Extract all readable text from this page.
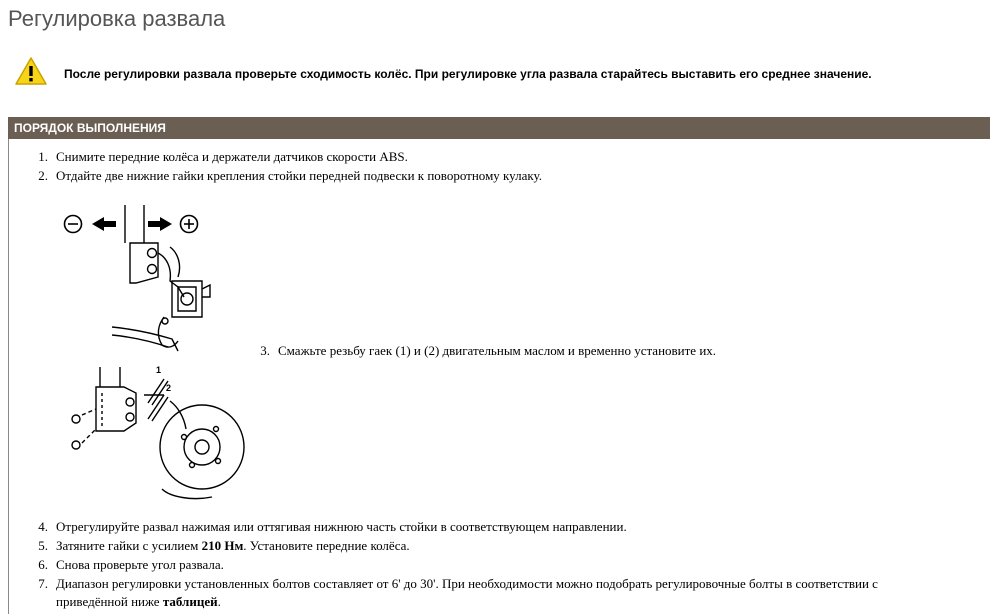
Регулировка развала
После регулировки развала проверьте сходимость колёс. При регулировке угла развала старайтесь выставить его среднее значение.
ПОРЯДОК ВЫПОЛНЕНИЯ
1. Снимите передние колёса и держатели датчиков скорости ABS.
2. Отдайте две нижние гайки крепления стойки передней подвески к поворотному кулаку.
1
2
3. Смажьте резьбу гаек (1) и (2) двигательным маслом и временно установите их.
4. Отрегулируйте развал нажимая или оттягивая нижнюю часть стойки в соответствующем направлении.
5. Затяните гайки с усилием 210 Нм. Установите передние колёса.
6. Снова проверьте угол развала.
7. Диапазон регулировки установленных болтов составляет от 6' до 30'. При необходимости можно подобрать регулировочные болты в соответствии с
приведённой ниже таблицей.
